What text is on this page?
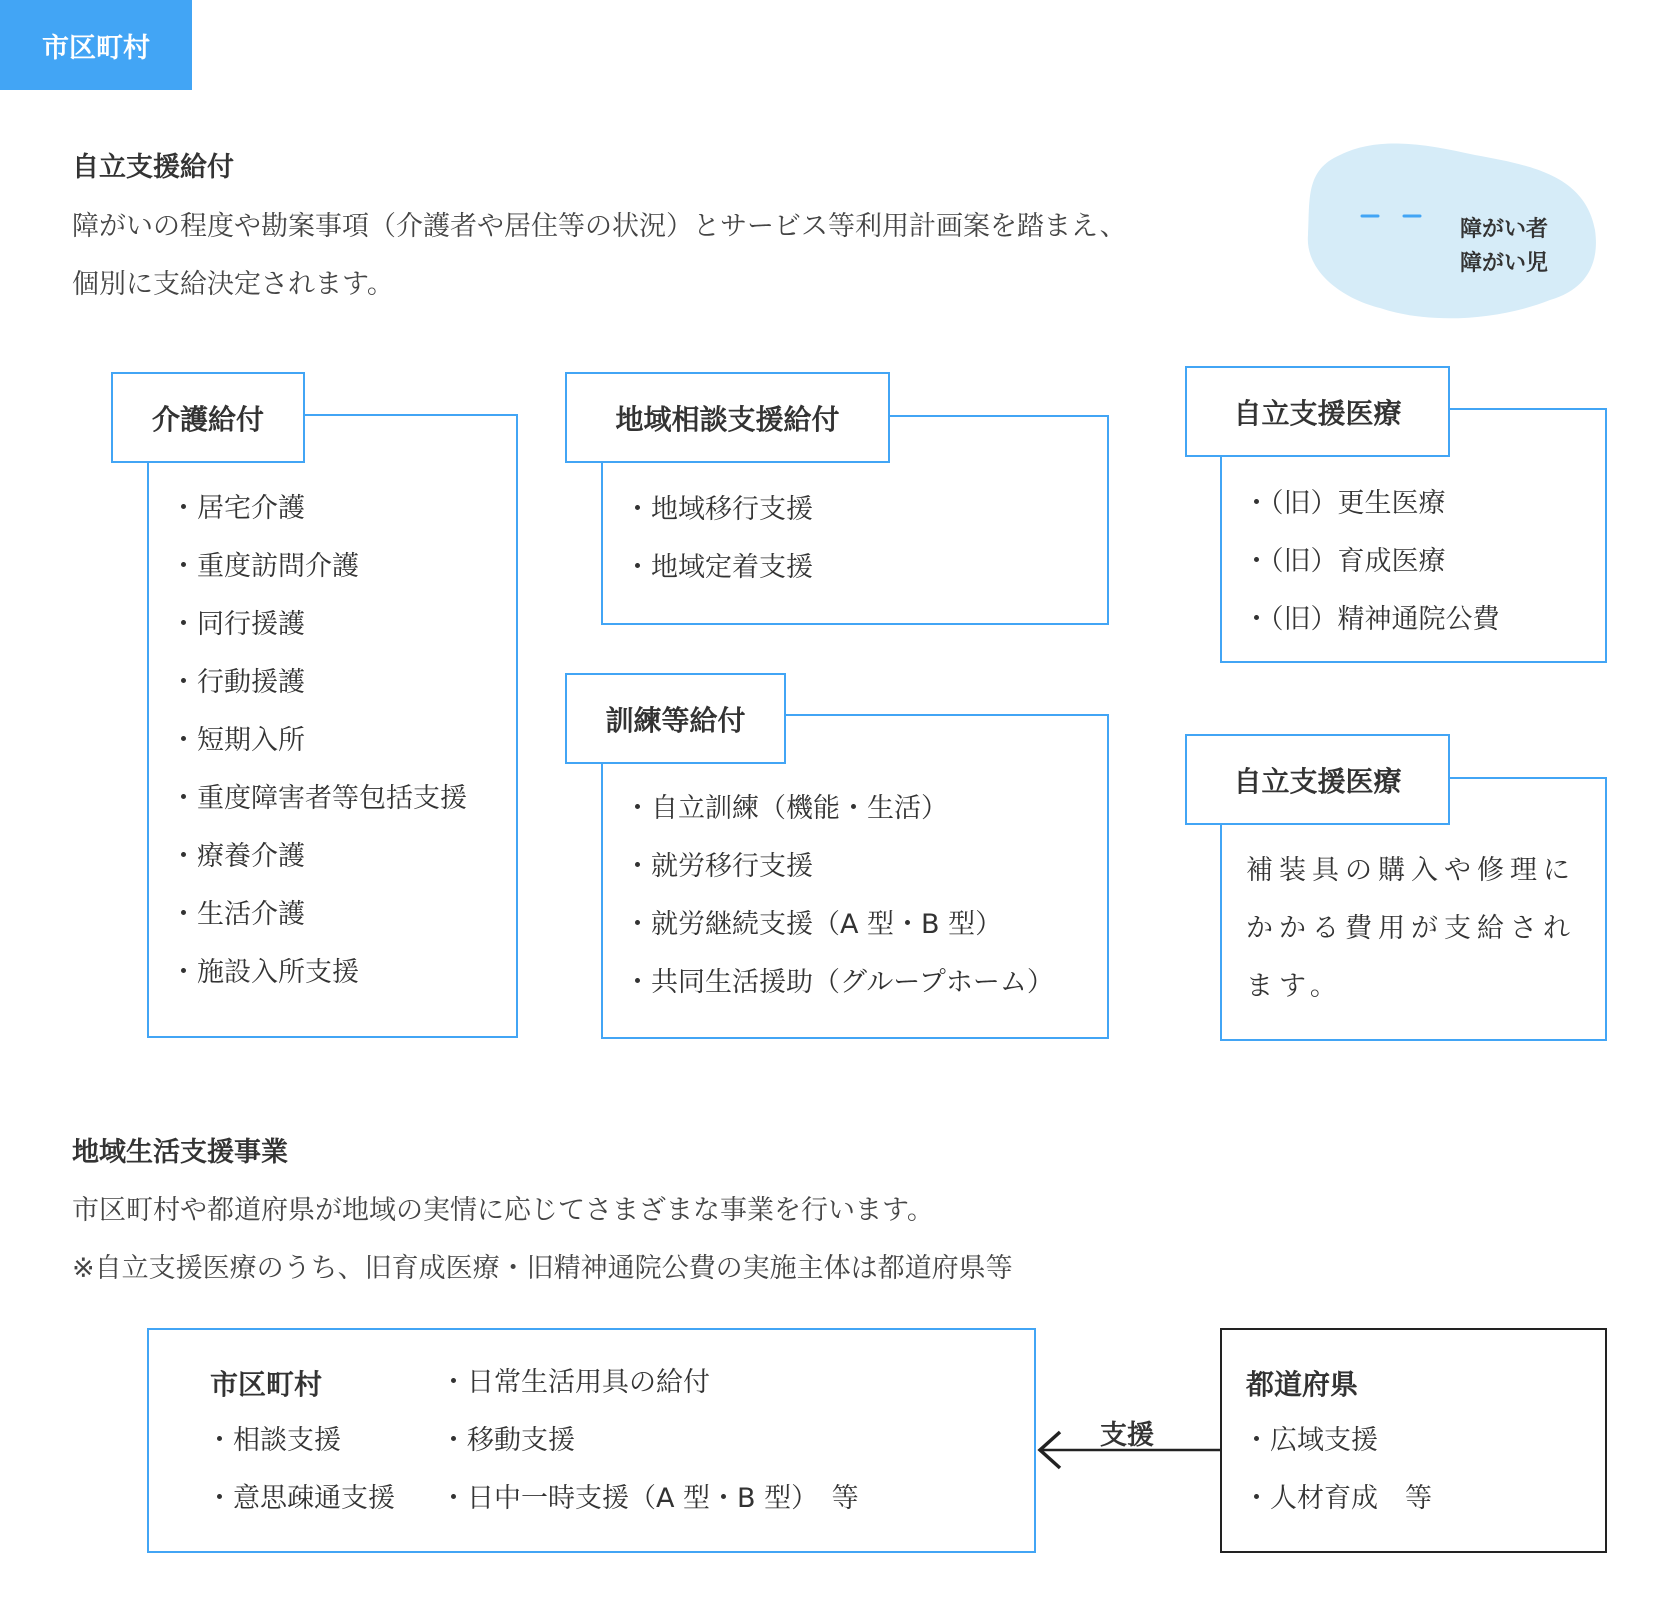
市区町村
自立支援給付
障がいの程度や勘案事項（介護者や居住等の状況）とサービス等利用計画案を踏まえ、
個別に支給決定されます。
障がい者
障がい児
介護給付
・居宅介護
・重度訪問介護
・同行援護
・行動援護
・短期入所
・重度障害者等包括支援
・療養介護
・生活介護
・施設入所支援
地域相談支援給付
・地域移行支援
・地域定着支援
訓練等給付
・自立訓練（機能・生活）
・就労移行支援
・就労継続支援（A 型・B 型）
・共同生活援助（グループホーム）
自立支援医療
・（旧）更生医療
・（旧）育成医療
・（旧）精神通院公費
自立支援医療
補装具の購入や修理に
かかる費用が支給され
ます。
地域生活支援事業
市区町村や都道府県が地域の実情に応じてさまざまな事業を行います。
※自立支援医療のうち、旧育成医療・旧精神通院公費の実施主体は都道府県等
市区町村
・相談支援
・意思疎通支援
・日常生活用具の給付
・移動支援
・日中一時支援（A 型・B 型）　等
支援
都道府県
・広域支援
・人材育成　等
